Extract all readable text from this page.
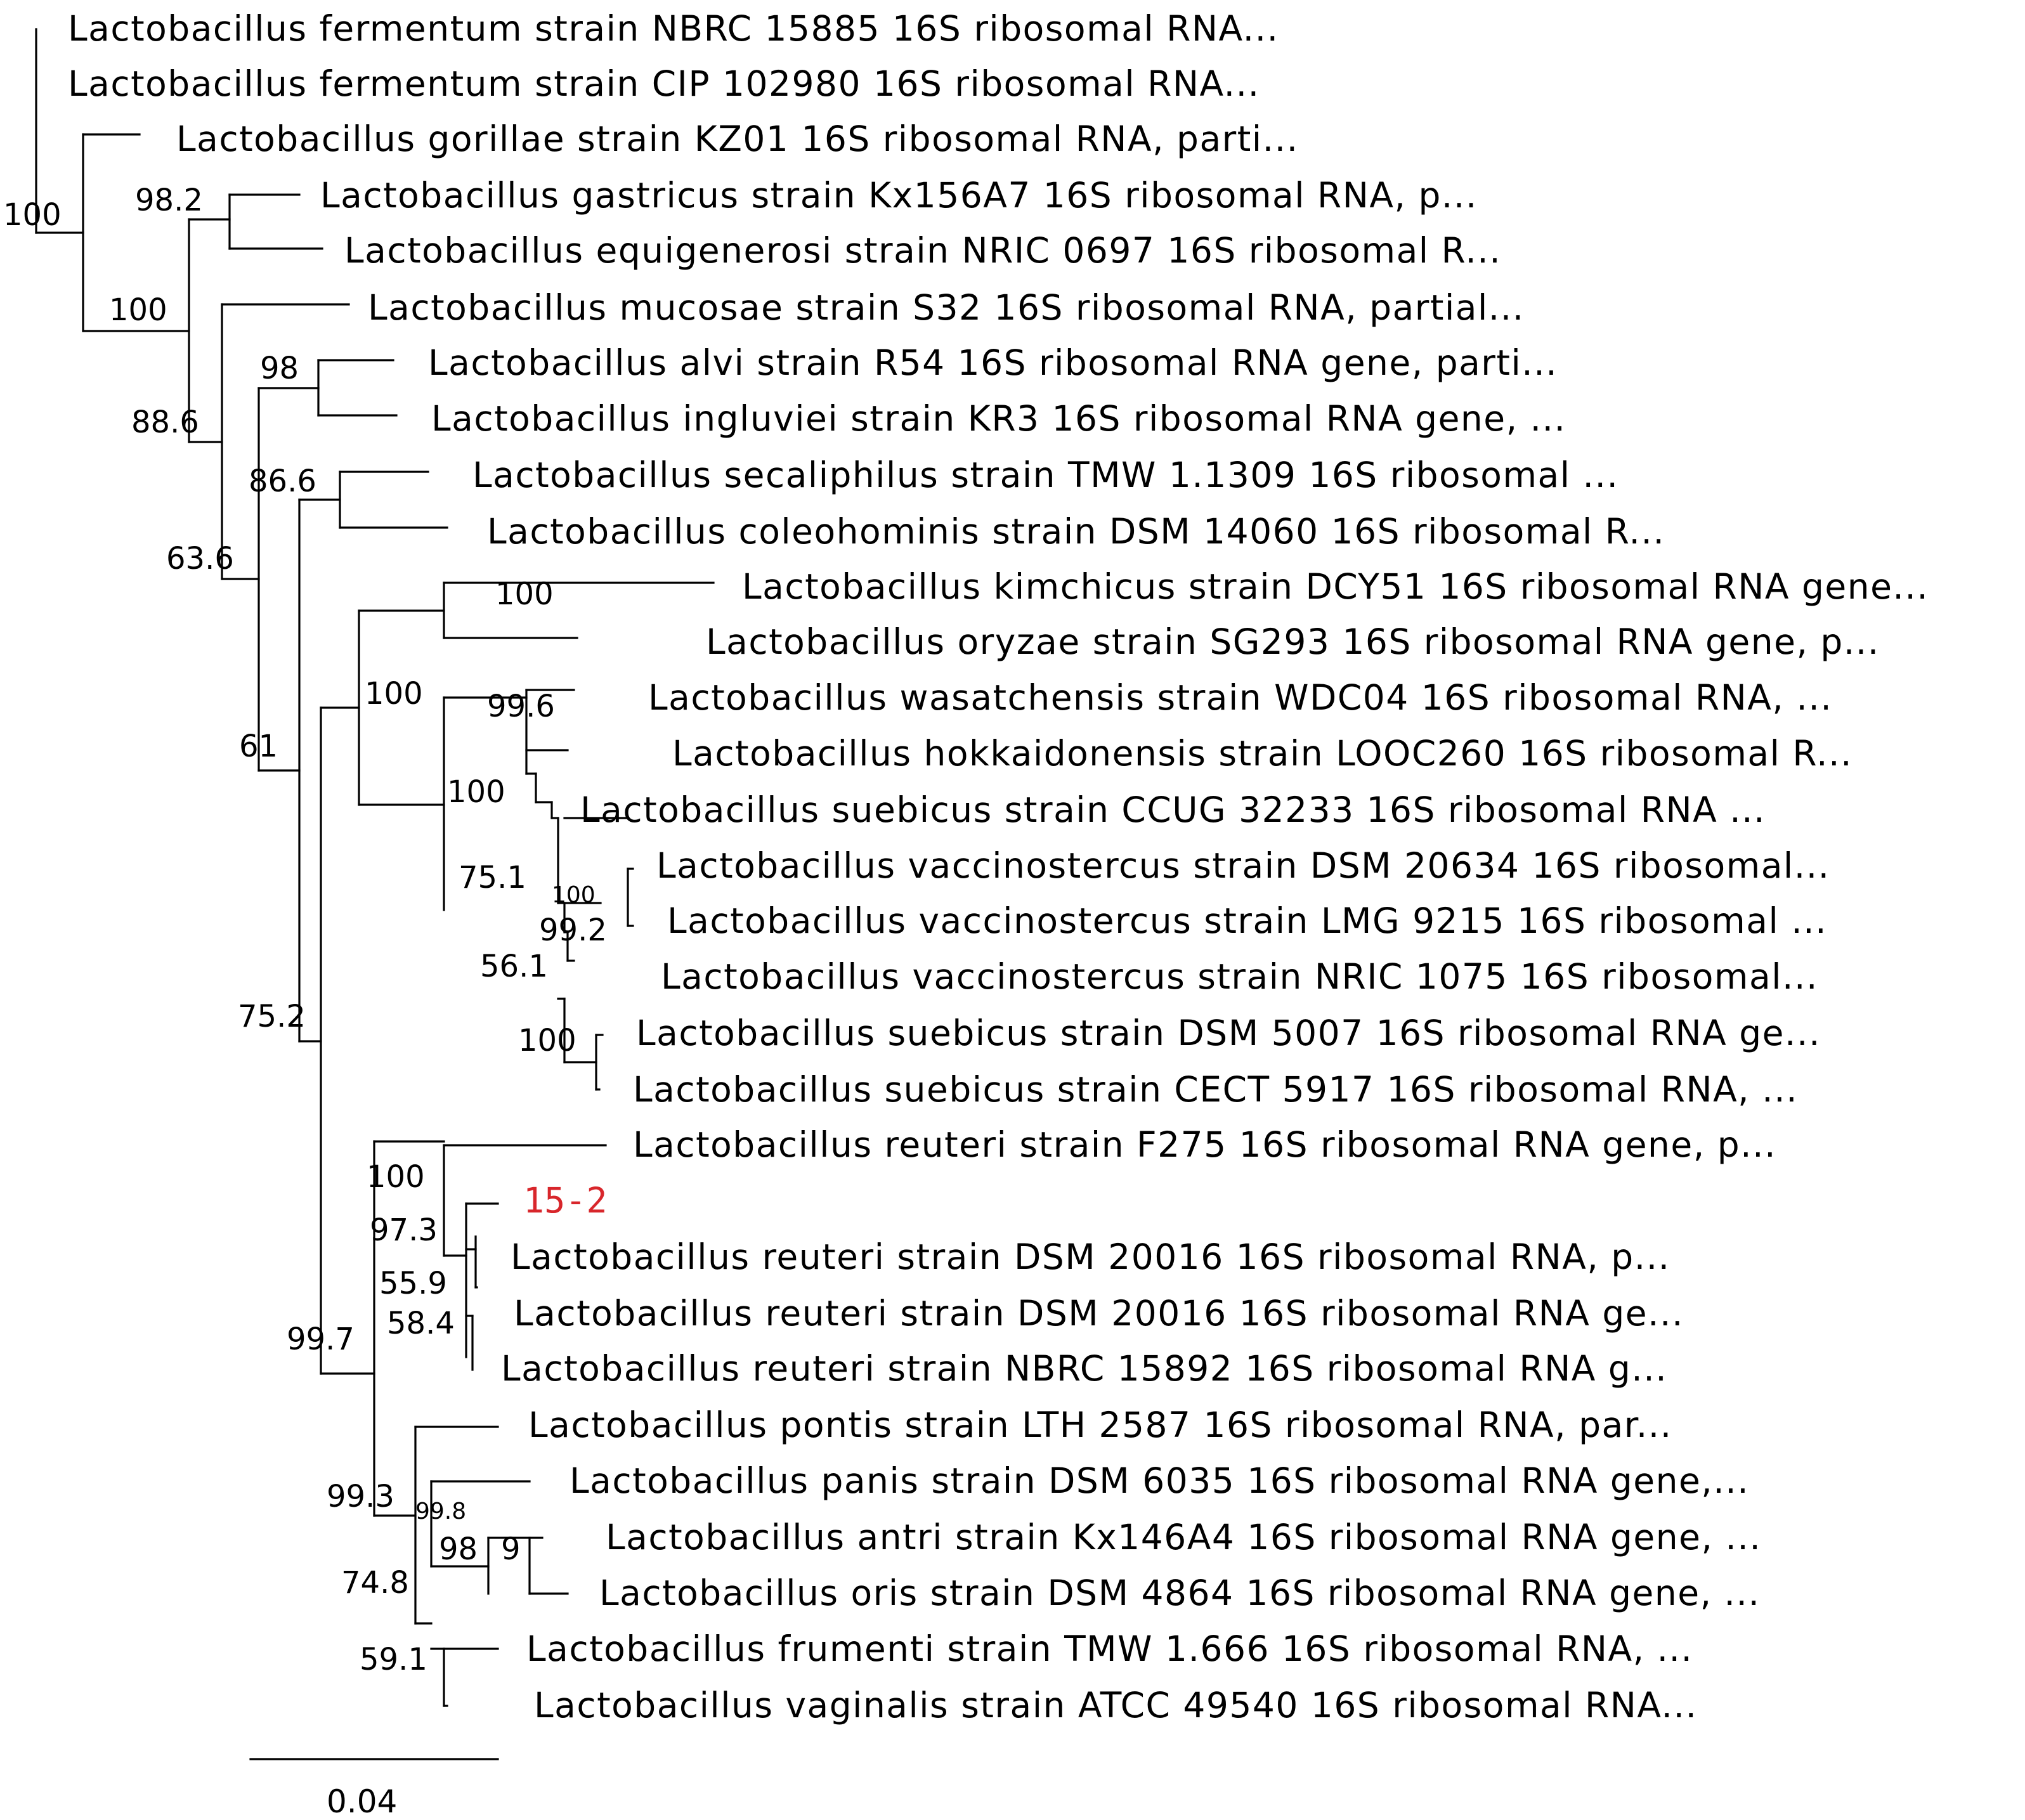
Lactobacillus fermentum strain NBRC 15885 16S ribosomal RNA...
Lactobacillus fermentum strain CIP 102980 16S ribosomal RNA...
Lactobacillus gorillae strain KZ01 16S ribosomal RNA, parti...
Lactobacillus gastricus strain Kx156A7 16S ribosomal RNA, p...
Lactobacillus equigenerosi strain NRIC 0697 16S ribosomal R...
Lactobacillus mucosae strain S32 16S ribosomal RNA, partial...
Lactobacillus alvi strain R54 16S ribosomal RNA gene, parti...
Lactobacillus ingluviei strain KR3 16S ribosomal RNA gene, ...
Lactobacillus secaliphilus strain TMW 1.1309 16S ribosomal ...
Lactobacillus coleohominis strain DSM 14060 16S ribosomal R...
Lactobacillus kimchicus strain DCY51 16S ribosomal RNA gene...
Lactobacillus oryzae strain SG293 16S ribosomal RNA gene, p...
Lactobacillus wasatchensis strain WDC04 16S ribosomal RNA, ...
Lactobacillus hokkaidonensis strain LOOC260 16S ribosomal R...
Lactobacillus suebicus strain CCUG 32233 16S ribosomal RNA ...
Lactobacillus vaccinostercus strain DSM 20634 16S ribosomal...
Lactobacillus vaccinostercus strain LMG 9215 16S ribosomal ...
Lactobacillus vaccinostercus strain NRIC 1075 16S ribosomal...
Lactobacillus suebicus strain DSM 5007 16S ribosomal RNA ge...
Lactobacillus suebicus strain CECT 5917 16S ribosomal RNA, ...
Lactobacillus reuteri strain F275 16S ribosomal RNA gene, p...
15-2
Lactobacillus reuteri strain DSM 20016 16S ribosomal RNA, p...
Lactobacillus reuteri strain DSM 20016 16S ribosomal RNA ge...
Lactobacillus reuteri strain NBRC 15892 16S ribosomal RNA g...
Lactobacillus pontis strain LTH 2587 16S ribosomal RNA, par...
Lactobacillus panis strain DSM 6035 16S ribosomal RNA gene,...
Lactobacillus antri strain Kx146A4 16S ribosomal RNA gene, ...
Lactobacillus oris strain DSM 4864 16S ribosomal RNA gene, ...
Lactobacillus frumenti strain TMW 1.666 16S ribosomal RNA, ...
Lactobacillus vaginalis strain ATCC 49540 16S ribosomal RNA...
100 98.2
100
98
88.6
86.6
63.6
100
100 99.6
61
100
75.1 100
99.2
56.1
100
75.2
100
97.3
55.9
58.4
99.7
99.3 99.8
98 9
74.8
59.1
0.04
